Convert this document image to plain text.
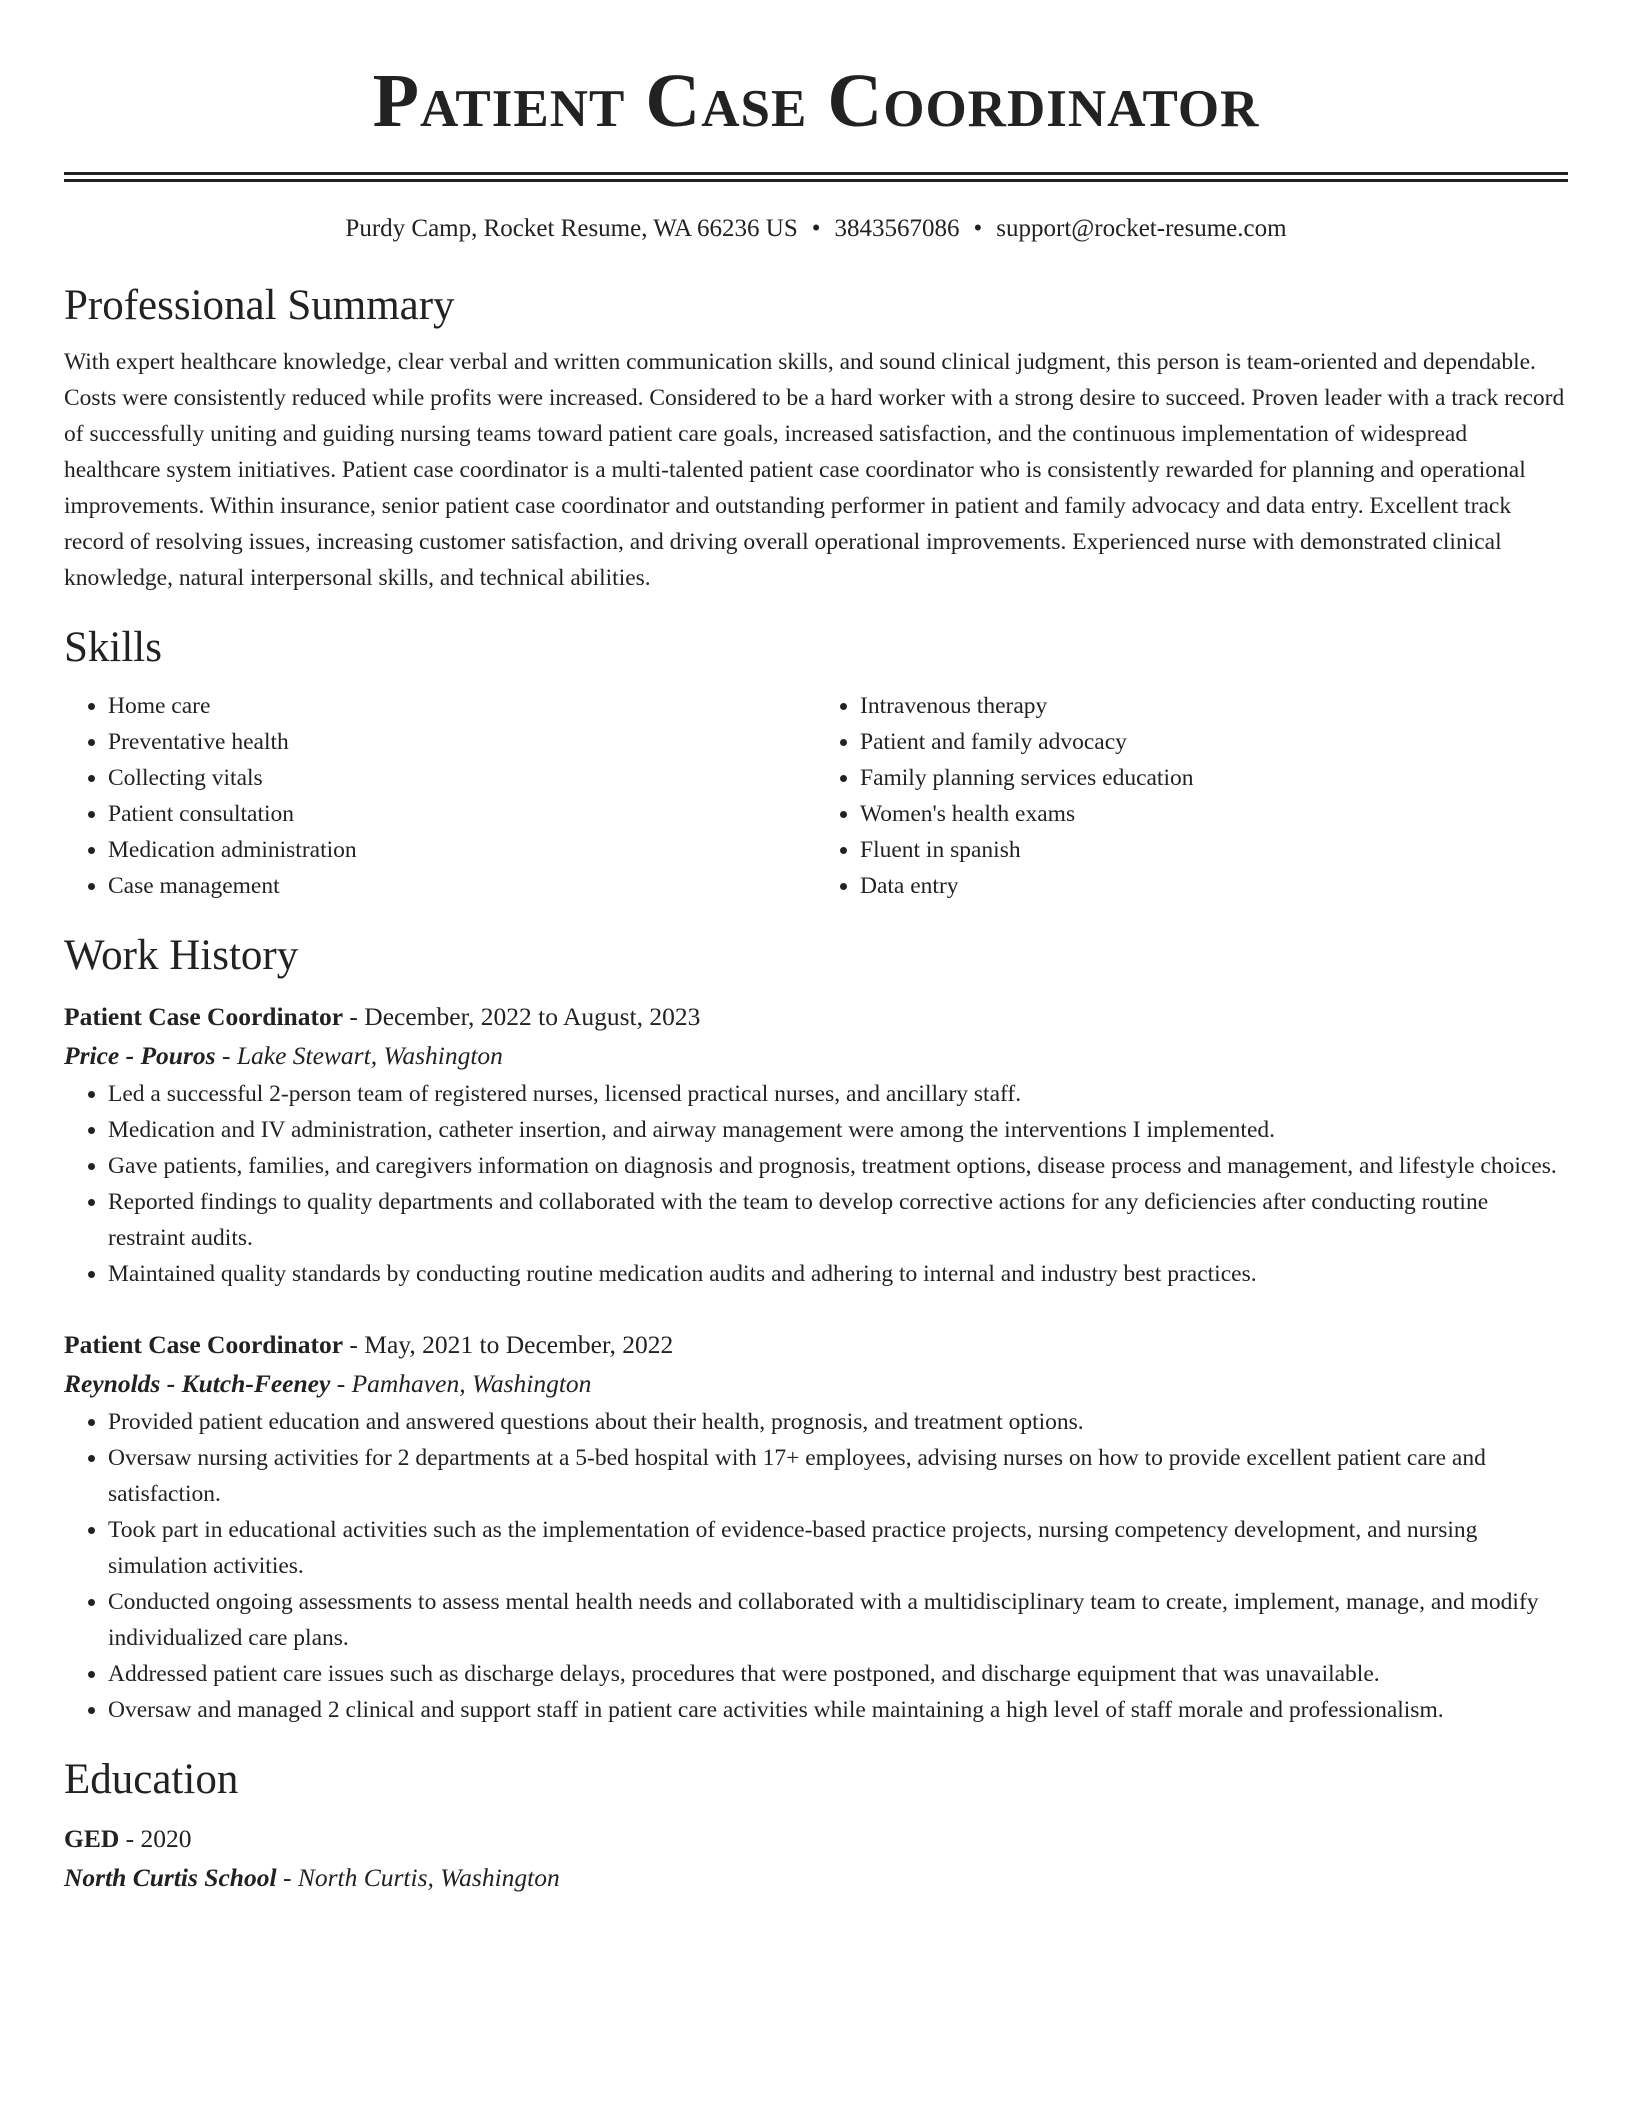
Patient Case Coordinator
Purdy Camp, Rocket Resume, WA 66236 US • 3843567086 • support@rocket-resume.com
Professional Summary
With expert healthcare knowledge, clear verbal and written communication skills, and sound clinical judgment, this person is team-oriented and dependable. Costs were consistently reduced while profits were increased. Considered to be a hard worker with a strong desire to succeed. Proven leader with a track record of successfully uniting and guiding nursing teams toward patient care goals, increased satisfaction, and the continuous implementation of widespread healthcare system initiatives. Patient case coordinator is a multi-talented patient case coordinator who is consistently rewarded for planning and operational improvements. Within insurance, senior patient case coordinator and outstanding performer in patient and family advocacy and data entry. Excellent track record of resolving issues, increasing customer satisfaction, and driving overall operational improvements. Experienced nurse with demonstrated clinical knowledge, natural interpersonal skills, and technical abilities.
Skills
• Home care
• Preventative health
• Collecting vitals
• Patient consultation
• Medication administration
• Case management
• Intravenous therapy
• Patient and family advocacy
• Family planning services education
• Women's health exams
• Fluent in spanish
• Data entry
Work History
Patient Case Coordinator - December, 2022 to August, 2023
Price - Pouros - Lake Stewart, Washington
• Led a successful 2-person team of registered nurses, licensed practical nurses, and ancillary staff.
• Medication and IV administration, catheter insertion, and airway management were among the interventions I implemented.
• Gave patients, families, and caregivers information on diagnosis and prognosis, treatment options, disease process and management, and lifestyle choices.
• Reported findings to quality departments and collaborated with the team to develop corrective actions for any deficiencies after conducting routine restraint audits.
• Maintained quality standards by conducting routine medication audits and adhering to internal and industry best practices.
Patient Case Coordinator - May, 2021 to December, 2022
Reynolds - Kutch-Feeney - Pamhaven, Washington
• Provided patient education and answered questions about their health, prognosis, and treatment options.
• Oversaw nursing activities for 2 departments at a 5-bed hospital with 17+ employees, advising nurses on how to provide excellent patient care and satisfaction.
• Took part in educational activities such as the implementation of evidence-based practice projects, nursing competency development, and nursing simulation activities.
• Conducted ongoing assessments to assess mental health needs and collaborated with a multidisciplinary team to create, implement, manage, and modify individualized care plans.
• Addressed patient care issues such as discharge delays, procedures that were postponed, and discharge equipment that was unavailable.
• Oversaw and managed 2 clinical and support staff in patient care activities while maintaining a high level of staff morale and professionalism.
Education
GED - 2020
North Curtis School - North Curtis, Washington
